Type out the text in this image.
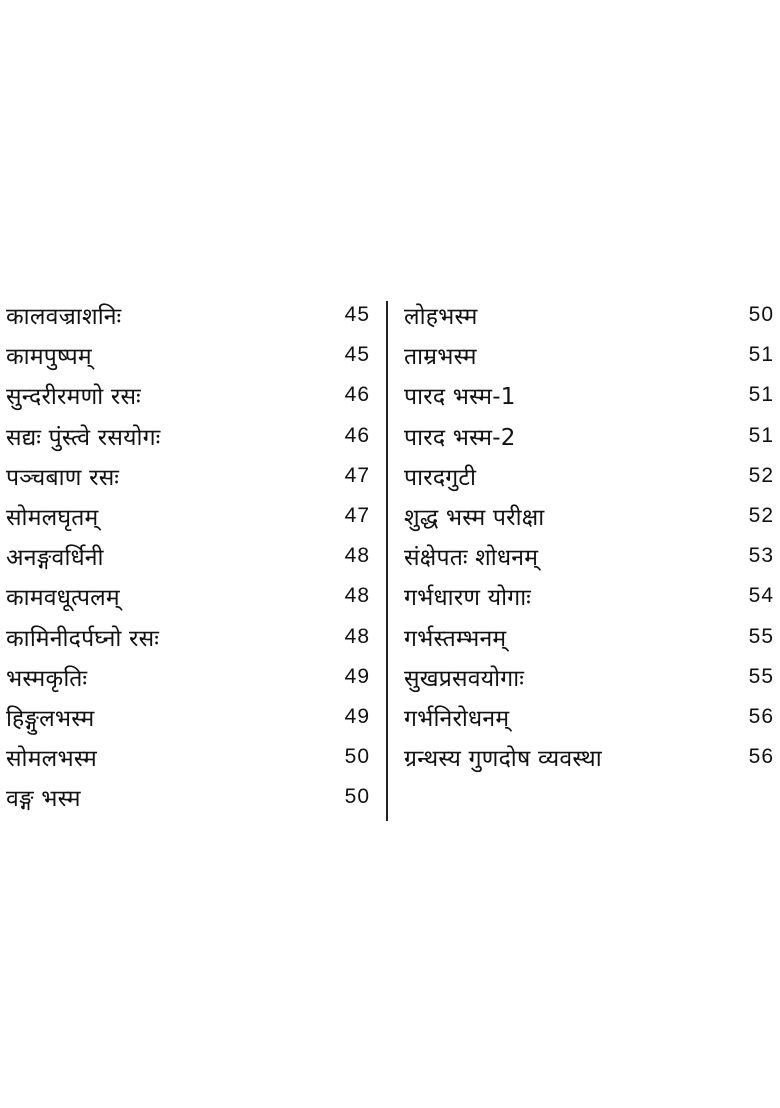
कालवज्राशनिः	45
कामपुष्पम्	45
सुन्दरीरमणो रसः	46
सद्यः पुंस्त्वे रसयोगः	46
पञ्चबाण रसः	47
सोमलघृतम्	47
अनङ्गवर्धिनी	48
कामवधूत्पलम्	48
कामिनीदर्पघ्नो रसः	48
भस्मकृतिः	49
हिङ्गुलभस्म	49
सोमलभस्म	50
वङ्ग भस्म	50
लोहभस्म	50
ताम्रभस्म	51
पारद भस्म-1	51
पारद भस्म-2	51
पारदगुटी	52
शुद्ध भस्म परीक्षा	52
संक्षेपतः शोधनम्	53
गर्भधारण योगाः	54
गर्भस्तम्भनम्	55
सुखप्रसवयोगाः	55
गर्भनिरोधनम्	56
ग्रन्थस्य गुणदोष व्यवस्था	56
